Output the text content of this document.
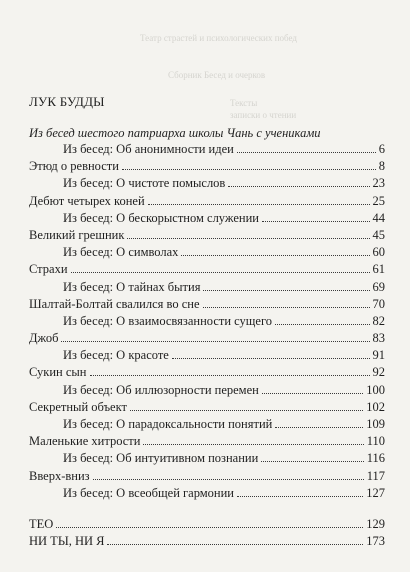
Театр страстей и психологических побед
Сборник Бесед и очерков
Тексты
записки о чтении
ЛУК БУДДЫ
Из бесед шестого патриарха школы Чань с учениками
Из бесед: Об анонимности идеи	6
Этюд о ревности	8
Из бесед: О чистоте помыслов	23
Дебют четырех коней	25
Из бесед: О бескорыстном служении	44
Великий грешник	45
Из бесед: О символах	60
Страхи	61
Из бесед: О тайнах бытия	69
Шалтай-Болтай свалился во сне	70
Из бесед: О взаимосвязанности сущего	82
Джоб	83
Из бесед: О красоте	91
Сукин сын	92
Из бесед: Об иллюзорности перемен	100
Секретный объект	102
Из бесед: О парадоксальности понятий	109
Маленькие хитрости	110
Из бесед: Об интуитивном познании	116
Вверх-вниз	117
Из бесед: О всеобщей гармонии	127
ТЕО	129
НИ ТЫ, НИ Я	173
